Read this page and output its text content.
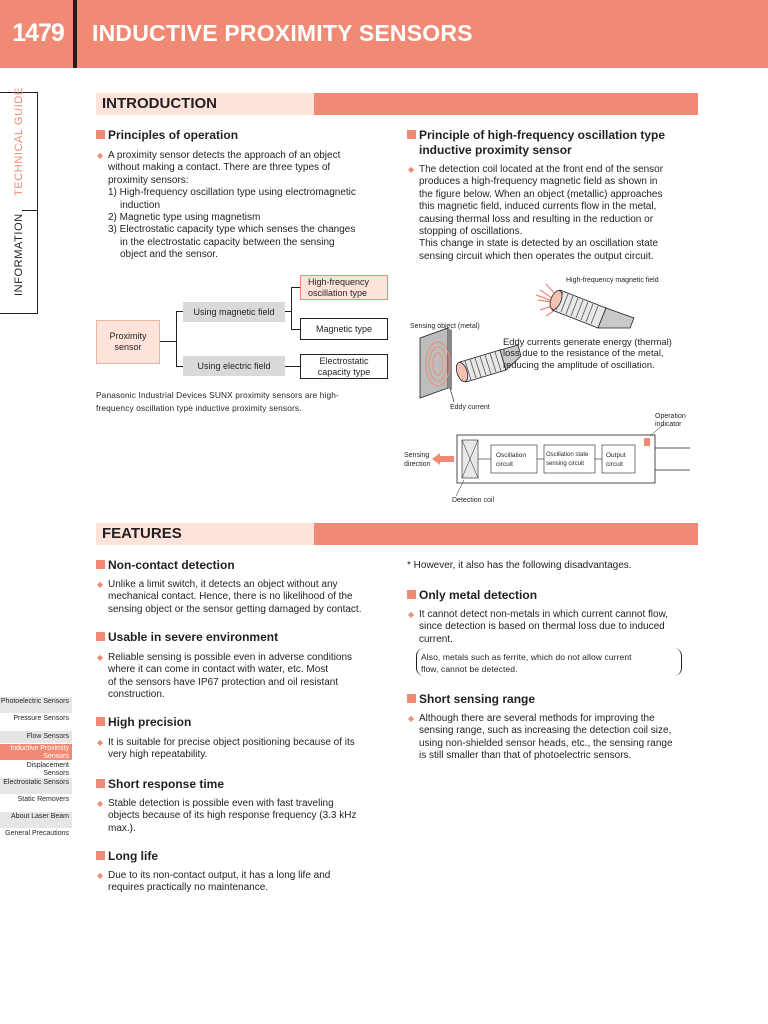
1479	INDUCTIVE PROXIMITY SENSORS
TECHNICAL GUIDE
INFORMATION
INTRODUCTION
Principles of operation
◆ A proximity sensor detects the approach of an object
without making a contact. There are three types of
proximity sensors:
1) High-frequency oscillation type using electromagnetic
induction
2) Magnetic type using magnetism
3) Electrostatic capacity type which senses the changes
in the electrostatic capacity between the sensing
object and the sensor.
Proximity sensor
Using magnetic field
Using electric field
High-frequency oscillation type
Magnetic type
Electrostatic capacity type
Panasonic Industrial Devices SUNX proximity sensors are high-
frequency oscillation type inductive proximity sensors.
Principle of high-frequency oscillation type
inductive proximity sensor
◆ The detection coil located at the front end of the sensor
produces a high-frequency magnetic field as shown in
the figure below. When an object (metallic) approaches
this magnetic field, induced currents flow in the metal,
causing thermal loss and resulting in the reduction or
stopping of oscillations.
This change in state is detected by an oscillation state
sensing circuit which then operates the output circuit.
High-frequency magnetic field
Sensing object (metal)
Eddy currents generate energy (thermal)
loss due to the resistance of the metal,
reducing the amplitude of oscillation.
Eddy current
Operation
indicator
Sensing
direction
Oscillation
circuit
Oscillation state
sensing circuit
Output
circuit
Detection coil
FEATURES
Non-contact detection
◆ Unlike a limit switch, it detects an object without any
mechanical contact. Hence, there is no likelihood of the
sensing object or the sensor getting damaged by contact.
Usable in severe environment
◆ Reliable sensing is possible even in adverse conditions
where it can come in contact with water, etc. Most
of the sensors have IP67 protection and oil resistant
construction.
High precision
◆ It is suitable for precise object positioning because of its
very high repeatability.
Short response time
◆ Stable detection is possible even with fast traveling
objects because of its high response frequency (3.3 kHz
max.).
Long life
◆ Due to its non-contact output, it has a long life and
requires practically no maintenance.
* However, it also has the following disadvantages.
Only metal detection
◆ It cannot detect non-metals in which current cannot flow,
since detection is based on thermal loss due to induced
current.
Also, metals such as ferrite, which do not allow current
flow, cannot be detected.
Short sensing range
◆ Although there are several methods for improving the
sensing range, such as increasing the detection coil size,
using non-shielded sensor heads, etc., the sensing range
is still smaller than that of photoelectric sensors.
Photoelectric Sensors
Pressure Sensors
Flow Sensors
Inductive Proximity Sensors
Displacement Sensors
Electrostatic Sensors
Static Removers
About Laser Beam
General Precautions
